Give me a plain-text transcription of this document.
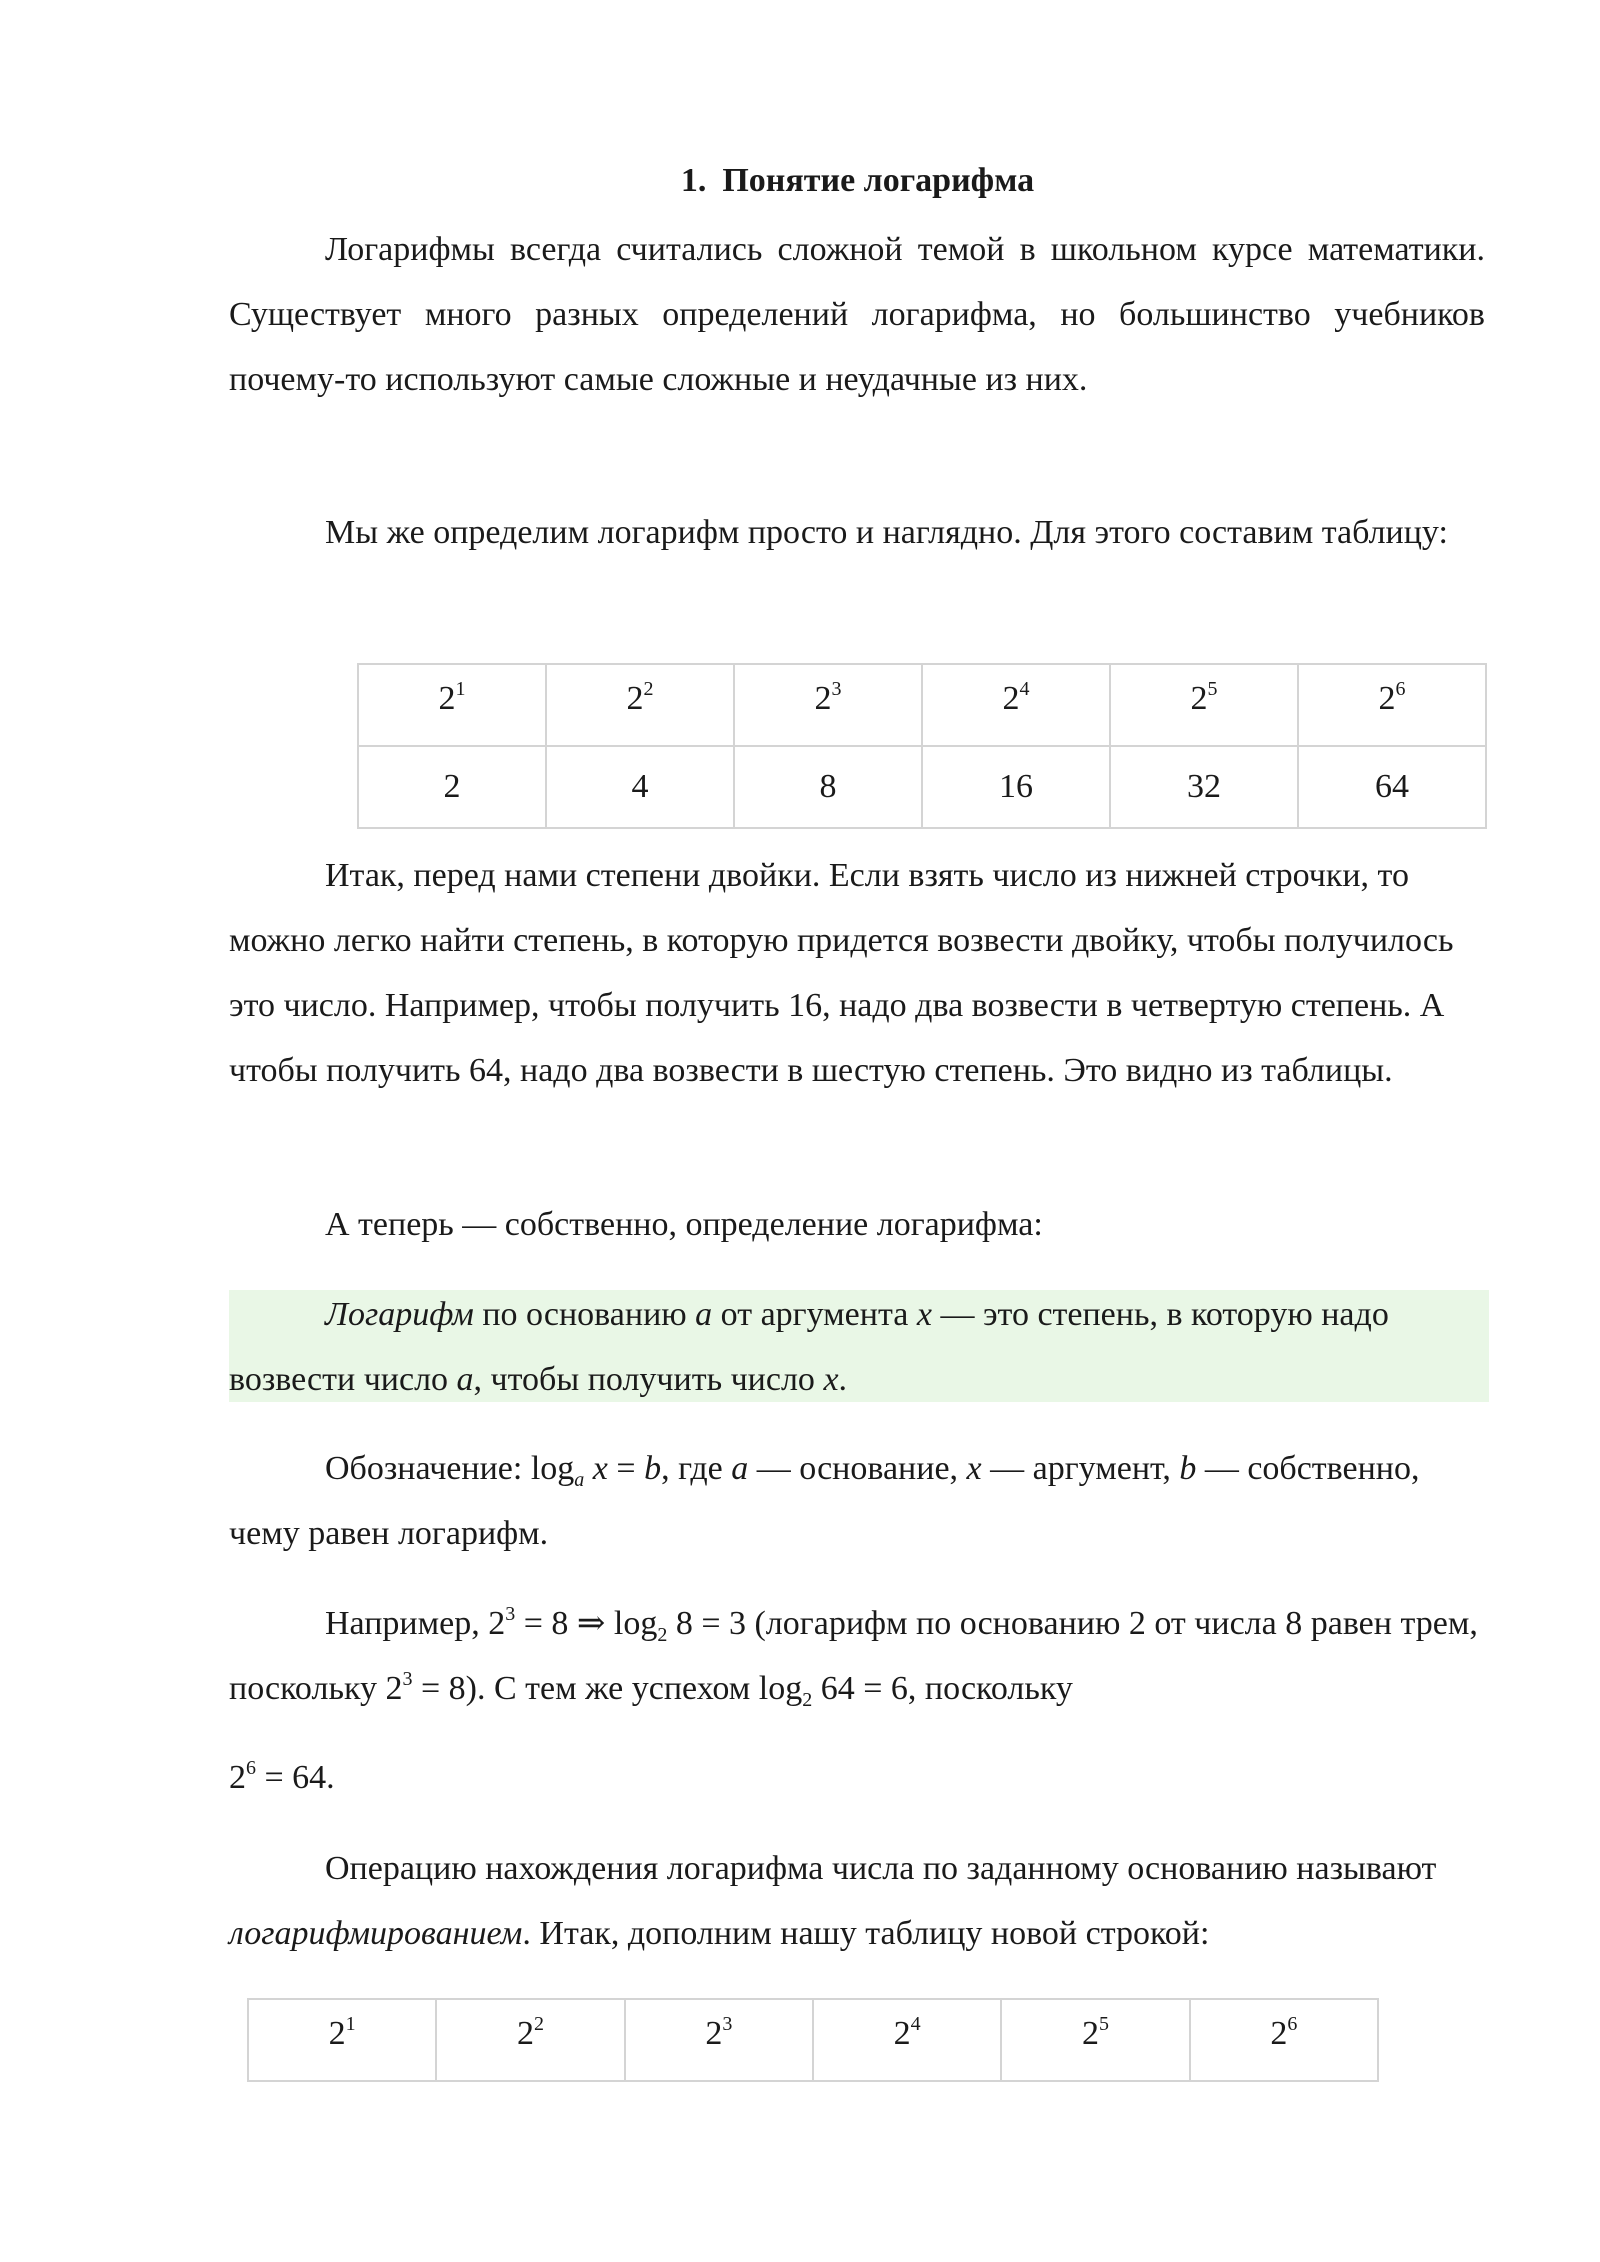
1. Понятие логарифма

Логарифмы всегда считались сложной темой в школьном курсе математики. Существует много разных определений логарифма, но большинство учебников почему-то используют самые сложные и неудачные из них.

Мы же определим логарифм просто и наглядно. Для этого составим таблицу:

$2^1$	$2^2$	$2^3$	$2^4$	$2^5$	$2^6$
2	4	8	16	32	64

Итак, перед нами степени двойки. Если взять число из нижней строчки, то можно легко найти степень, в которую придется возвести двойку, чтобы получилось это число. Например, чтобы получить 16, надо два возвести в четвертую степень. А чтобы получить 64, надо два возвести в шестую степень. Это видно из таблицы.

А теперь — собственно, определение логарифма:

Логарифм по основанию a от аргумента x — это степень, в которую надо возвести число a, чтобы получить число x.

Обозначение: $\log_a x = b$, где a — основание, x — аргумент, b — собственно, чему равен логарифм.

Например, $2^3 = 8$ ⇒ $\log_2 8 = 3$ (логарифм по основанию 2 от числа 8 равен трем, поскольку $2^3 = 8$). С тем же успехом $\log_2 64 = 6$, поскольку

$2^6 = 64$.

Операцию нахождения логарифма числа по заданному основанию называют логарифмированием. Итак, дополним нашу таблицу новой строкой:

$2^1$	$2^2$	$2^3$	$2^4$	$2^5$	$2^6$
